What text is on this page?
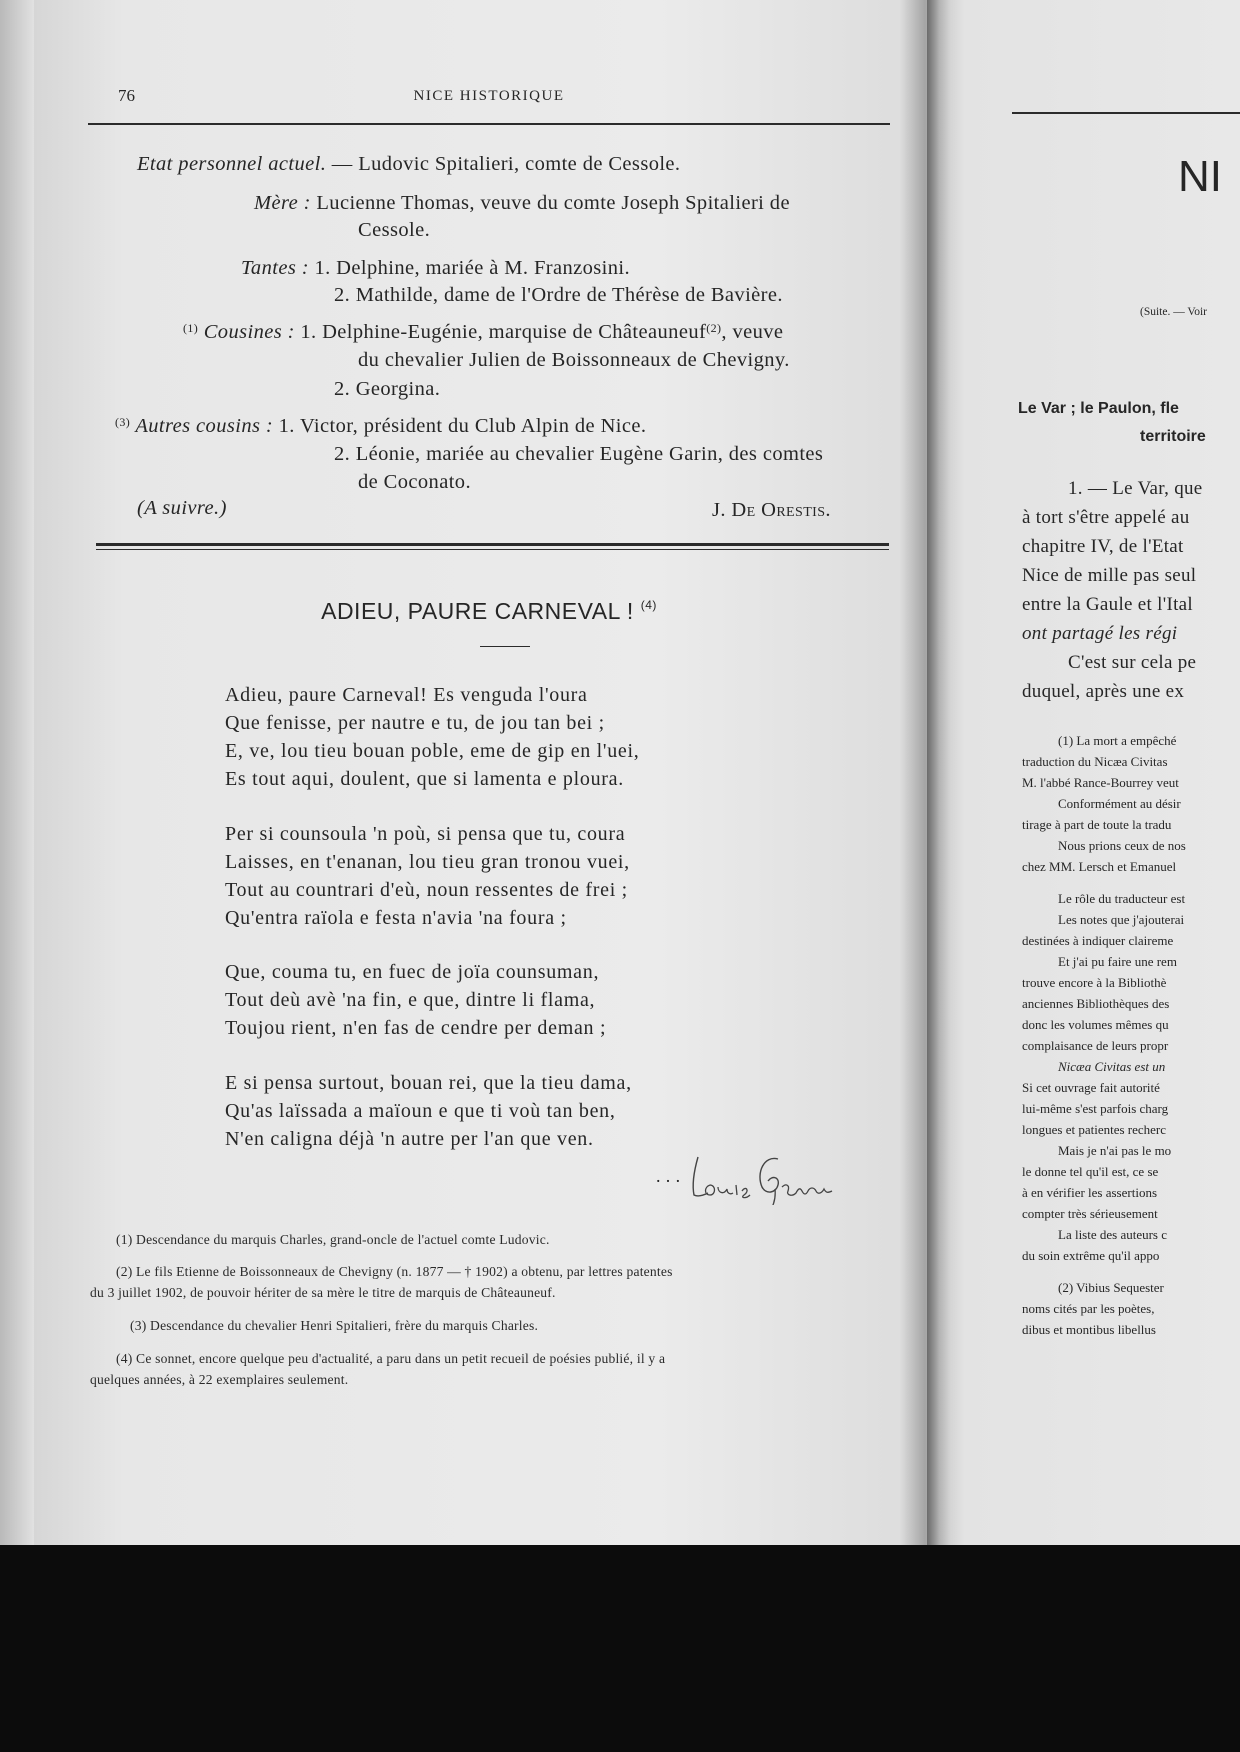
76	NICE HISTORIQUE
Etat personnel actuel. — Ludovic Spitalieri, comte de Cessole.
Mère : Lucienne Thomas, veuve du comte Joseph Spitalieri de
Cessole.
Tantes : 1. Delphine, mariée à M. Franzosini.
2. Mathilde, dame de l'Ordre de Thérèse de Bavière.
$^{(1)}$ Cousines : 1. Delphine-Eugénie, marquise de Châteauneuf$^{(2)}$, veuve
du chevalier Julien de Boissonneaux de Chevigny.
2. Georgina.
$^{(3)}$ Autres cousins : 1. Victor, président du Club Alpin de Nice.
2. Léonie, mariée au chevalier Eugène Garin, des comtes
de Coconato.
(A suivre.)	J. De Orestis.
ADIEU, PAURE CARNEVAL ! $^{(4)}$
Adieu, paure Carneval! Es venguda l'oura
Que fenisse, per nautre e tu, de jou tan bei ;
E, ve, lou tieu bouan poble, eme de gip en l'uei,
Es tout aqui, doulent, que si lamenta e ploura.
Per si counsoula 'n poù, si pensa que tu, coura
Laisses, en t'enanan, lou tieu gran tronou vuei,
Tout au countrari d'eù, noun ressentes de frei ;
Qu'entra raïola e festa n'avia 'na foura ;
Que, couma tu, en fuec de joïa counsuman,
Tout deù avè 'na fin, e que, dintre li flama,
Toujou rient, n'en fas de cendre per deman ;
E si pensa surtout, bouan rei, que la tieu dama,
Qu'as laïssada a maïoun e que ti voù tan ben,
N'en caligna déjà 'n autre per l'an que ven.
. . .
(1) Descendance du marquis Charles, grand-oncle de l'actuel comte Ludovic.
(2) Le fils Etienne de Boissonneaux de Chevigny (n. 1877 — † 1902) a obtenu, par lettres patentes
du 3 juillet 1902, de pouvoir hériter de sa mère le titre de marquis de Châteauneuf.
(3) Descendance du chevalier Henri Spitalieri, frère du marquis Charles.
(4) Ce sonnet, encore quelque peu d'actualité, a paru dans un petit recueil de poésies publié, il y a
quelques années, à 22 exemplaires seulement.
NI
(Suite. — Voir
Le Var ; le Paulon, fle
territoire
1. — Le Var, que
à tort s'être appelé au
chapitre IV, de l'Etat
Nice de mille pas seul
entre la Gaule et l'Ital
ont partagé les régi
C'est sur cela pe
duquel, après une ex
(1) La mort a empêché
traduction du Nicæa Civitas
M. l'abbé Rance-Bourrey veut
Conformément au désir
tirage à part de toute la tradu
Nous prions ceux de nos
chez MM. Lersch et Emanuel
Le rôle du traducteur est
Les notes que j'ajouterai
destinées à indiquer claireme
Et j'ai pu faire une rem
trouve encore à la Bibliothè
anciennes Bibliothèques des
donc les volumes mêmes qu
complaisance de leurs propr
Nicæa Civitas est un
Si cet ouvrage fait autorité
lui-même s'est parfois charg
longues et patientes recherc
Mais je n'ai pas le mo
le donne tel qu'il est, ce se
à en vérifier les assertions
compter très sérieusement
La liste des auteurs c
du soin extrême qu'il appo
(2) Vibius Sequester
noms cités par les poètes,
dibus et montibus libellus
